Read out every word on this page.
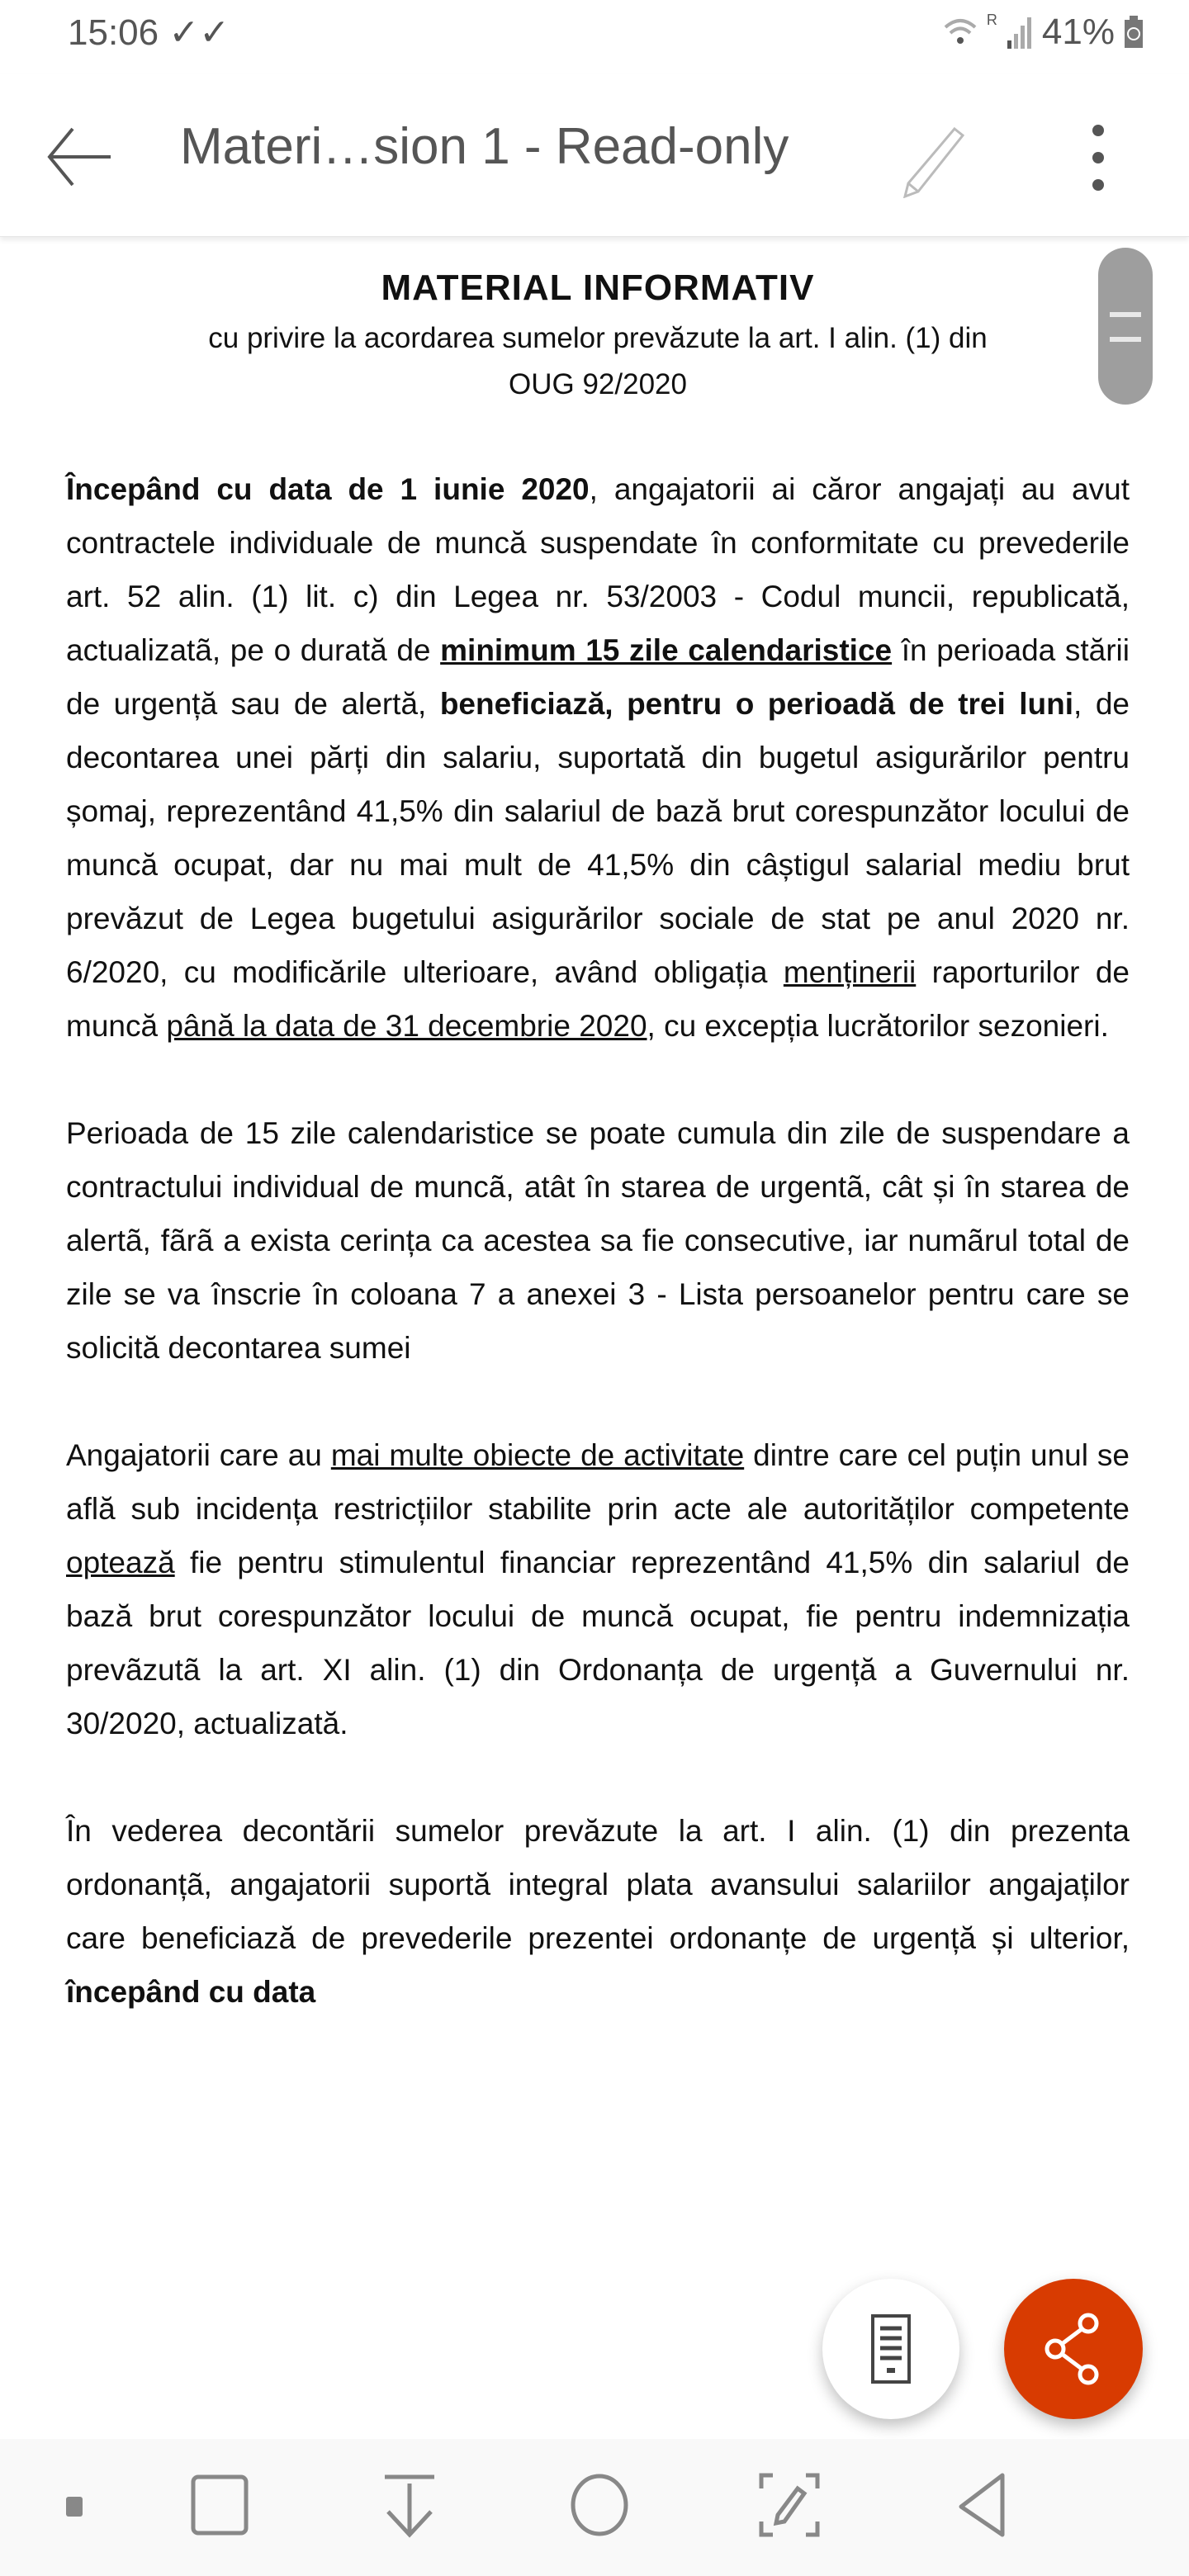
15:06 ✓✓	R 41%
Materi…sion 1 - Read-only
MATERIAL INFORMATIV
cu privire la acordarea sumelor prevăzute la art. I alin. (1) din
OUG 92/2020

Începând cu data de 1 iunie 2020, angajatorii ai căror angajați au avut contractele individuale de muncă suspendate în conformitate cu prevederile art. 52 alin. (1) lit. c) din Legea nr. 53/2003 - Codul muncii, republicată, actualizatã, pe o durată de minimum 15 zile calendaristice în perioada stării de urgență sau de alertă, beneficiază, pentru o perioadă de trei luni, de decontarea unei părți din salariu, suportată din bugetul asigurărilor pentru șomaj, reprezentând 41,5% din salariul de bază brut corespunzător locului de muncă ocupat, dar nu mai mult de 41,5% din câștigul salarial mediu brut prevăzut de Legea bugetului asigurărilor sociale de stat pe anul 2020 nr. 6/2020, cu modificările ulterioare, având obligația menținerii raporturilor de muncă până la data de 31 decembrie 2020, cu excepția lucrătorilor sezonieri.

Perioada de 15 zile calendaristice se poate cumula din zile de suspendare a contractului individual de muncã, atât în starea de urgentã, cât și în starea de alertã, fãrã a exista cerința ca acestea sa fie consecutive, iar numãrul total de zile se va înscrie în coloana 7 a anexei 3 - Lista persoanelor pentru care se solicită decontarea sumei

Angajatorii care au mai multe obiecte de activitate dintre care cel puțin unul se află sub incidența restricțiilor stabilite prin acte ale autorităților competente optează fie pentru stimulentul financiar reprezentând 41,5% din salariul de bază brut corespunzător locului de muncă ocupat, fie pentru indemnizația prevãzutã la art. XI alin. (1) din Ordonanța de urgență a Guvernului nr. 30/2020, actualizată.

În vederea decontării sumelor prevăzute la art. I alin. (1) din prezenta ordonanțã, angajatorii suportă integral plata avansului salariilor angajaților care beneficiază de prevederile prezentei ordonanțe de urgență și ulterior, începând cu data
